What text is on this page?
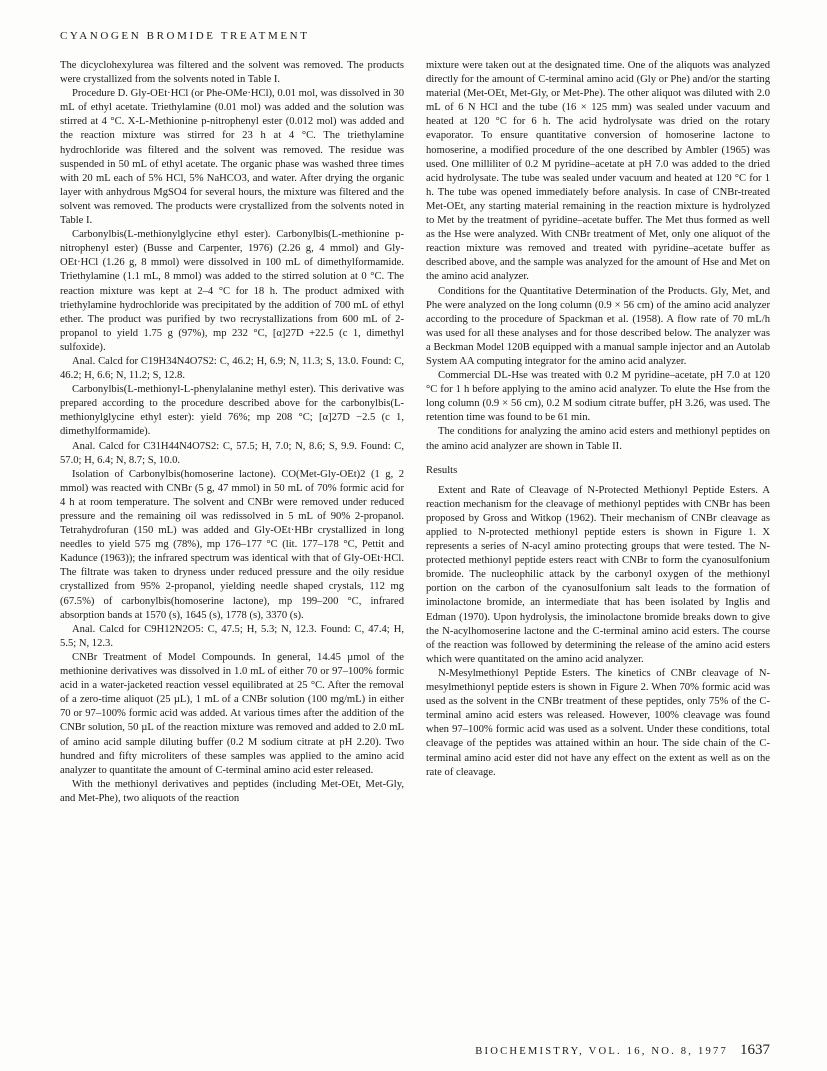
CYANOGEN BROMIDE TREATMENT

The dicyclohexylurea was filtered and the solvent was removed. The products were crystallized from the solvents noted in Table I.

Procedure D. Gly-OEt·HCl (or Phe-OMe·HCl), 0.01 mol, was dissolved in 30 mL of ethyl acetate. Triethylamine (0.01 mol) was added and the solution was stirred at 4 °C. X-L-Methionine p-nitrophenyl ester (0.012 mol) was added and the reaction mixture was stirred for 23 h at 4 °C. The triethylamine hydrochloride was filtered and the solvent was removed. The residue was suspended in 50 mL of ethyl acetate. The organic phase was washed three times with 20 mL each of 5% HCl, 5% NaHCO3, and water. After drying the organic layer with anhydrous MgSO4 for several hours, the mixture was filtered and the solvent was removed. The products were crystallized from the solvents noted in Table I.

Carbonylbis(L-methionylglycine ethyl ester). Carbonylbis(L-methionine p-nitrophenyl ester) (Busse and Carpenter, 1976) (2.26 g, 4 mmol) and Gly-OEt·HCl (1.26 g, 8 mmol) were dissolved in 100 mL of dimethylformamide. Triethylamine (1.1 mL, 8 mmol) was added to the stirred solution at 0 °C. The reaction mixture was kept at 2–4 °C for 18 h. The product admixed with triethylamine hydrochloride was precipitated by the addition of 700 mL of ethyl ether. The product was purified by two recrystallizations from 600 mL of 2-propanol to yield 1.75 g (97%), mp 232 °C, [α]27D +22.5 (c 1, dimethyl sulfoxide).

Anal. Calcd for C19H34N4O7S2: C, 46.2; H, 6.9; N, 11.3; S, 13.0. Found: C, 46.2; H, 6.6; N, 11.2; S, 12.8.

Carbonylbis(L-methionyl-L-phenylalanine methyl ester). This derivative was prepared according to the procedure described above for the carbonylbis(L-methionylglycine ethyl ester): yield 76%; mp 208 °C; [α]27D −2.5 (c 1, dimethylformamide).

Anal. Calcd for C31H44N4O7S2: C, 57.5; H, 7.0; N, 8.6; S, 9.9. Found: C, 57.0; H, 6.4; N, 8.7; S, 10.0.

Isolation of Carbonylbis(homoserine lactone). CO(Met-Gly-OEt)2 (1 g, 2 mmol) was reacted with CNBr (5 g, 47 mmol) in 50 mL of 70% formic acid for 4 h at room temperature. The solvent and CNBr were removed under reduced pressure and the remaining oil was redissolved in 5 mL of 90% 2-propanol. Tetrahydrofuran (150 mL) was added and Gly-OEt·HBr crystallized in long needles to yield 575 mg (78%), mp 176–177 °C (lit. 177–178 °C, Pettit and Kadunce (1963)); the infrared spectrum was identical with that of Gly-OEt·HCl. The filtrate was taken to dryness under reduced pressure and the oily residue crystallized from 95% 2-propanol, yielding needle shaped crystals, 112 mg (67.5%) of carbonylbis(homoserine lactone), mp 199–200 °C, infrared absorption bands at 1570 (s), 1645 (s), 1778 (s), 3370 (s).

Anal. Calcd for C9H12N2O5: C, 47.5; H, 5.3; N, 12.3. Found: C, 47.4; H, 5.5; N, 12.3.

CNBr Treatment of Model Compounds. In general, 14.45 µmol of the methionine derivatives was dissolved in 1.0 mL of either 70 or 97–100% formic acid in a water-jacketed reaction vessel equilibrated at 25 °C. After the removal of a zero-time aliquot (25 µL), 1 mL of a CNBr solution (100 mg/mL) in either 70 or 97–100% formic acid was added. At various times after the addition of the CNBr solution, 50 µL of the reaction mixture was removed and added to 2.0 mL of amino acid sample diluting buffer (0.2 M sodium citrate at pH 2.20). Two hundred and fifty microliters of these samples was applied to the amino acid analyzer to quantitate the amount of C-terminal amino acid ester released.

With the methionyl derivatives and peptides (including Met-OEt, Met-Gly, and Met-Phe), two aliquots of the reaction

mixture were taken out at the designated time. One of the aliquots was analyzed directly for the amount of C-terminal amino acid (Gly or Phe) and/or the starting material (Met-OEt, Met-Gly, or Met-Phe). The other aliquot was diluted with 2.0 mL of 6 N HCl and the tube (16 × 125 mm) was sealed under vacuum and heated at 120 °C for 6 h. The acid hydrolysate was dried on the rotary evaporator. To ensure quantitative conversion of homoserine lactone to homoserine, a modified procedure of the one described by Ambler (1965) was used. One milliliter of 0.2 M pyridine–acetate at pH 7.0 was added to the dried acid hydrolysate. The tube was sealed under vacuum and heated at 120 °C for 1 h. The tube was opened immediately before analysis. In case of CNBr-treated Met-OEt, any starting material remaining in the reaction mixture is hydrolyzed to Met by the treatment of pyridine–acetate buffer. The Met thus formed as well as the Hse were analyzed. With CNBr treatment of Met, only one aliquot of the reaction mixture was removed and treated with pyridine–acetate buffer as described above, and the sample was analyzed for the amount of Hse and Met on the amino acid analyzer.

Conditions for the Quantitative Determination of the Products. Gly, Met, and Phe were analyzed on the long column (0.9 × 56 cm) of the amino acid analyzer according to the procedure of Spackman et al. (1958). A flow rate of 70 mL/h was used for all these analyses and for those described below. The analyzer was a Beckman Model 120B equipped with a manual sample injector and an Autolab System AA computing integrator for the amino acid analyzer.

Commercial DL-Hse was treated with 0.2 M pyridine–acetate, pH 7.0 at 120 °C for 1 h before applying to the amino acid analyzer. To elute the Hse from the long column (0.9 × 56 cm), 0.2 M sodium citrate buffer, pH 3.26, was used. The retention time was found to be 61 min.

The conditions for analyzing the amino acid esters and methionyl peptides on the amino acid analyzer are shown in Table II.

Results

Extent and Rate of Cleavage of N-Protected Methionyl Peptide Esters. A reaction mechanism for the cleavage of methionyl peptides with CNBr has been proposed by Gross and Witkop (1962). Their mechanism of CNBr cleavage as applied to N-protected methionyl peptide esters is shown in Figure 1. X represents a series of N-acyl amino protecting groups that were tested. The N-protected methionyl peptide esters react with CNBr to form the cyanosulfonium bromide. The nucleophilic attack by the carbonyl oxygen of the methionyl portion on the carbon of the cyanosulfonium salt leads to the formation of iminolactone bromide, an intermediate that has been isolated by Inglis and Edman (1970). Upon hydrolysis, the iminolactone bromide breaks down to give the N-acylhomoserine lactone and the C-terminal amino acid esters. The course of the reaction was followed by determining the release of the amino acid esters which were quantitated on the amino acid analyzer.

N-Mesylmethionyl Peptide Esters. The kinetics of CNBr cleavage of N-mesylmethionyl peptide esters is shown in Figure 2. When 70% formic acid was used as the solvent in the CNBr treatment of these peptides, only 75% of the C-terminal amino acid esters was released. However, 100% cleavage was found when 97–100% formic acid was used as a solvent. Under these conditions, total cleavage of the peptides was attained within an hour. The side chain of the C-terminal amino acid ester did not have any effect on the extent as well as on the rate of cleavage.

BIOCHEMISTRY, VOL. 16, NO. 8, 1977 1637
